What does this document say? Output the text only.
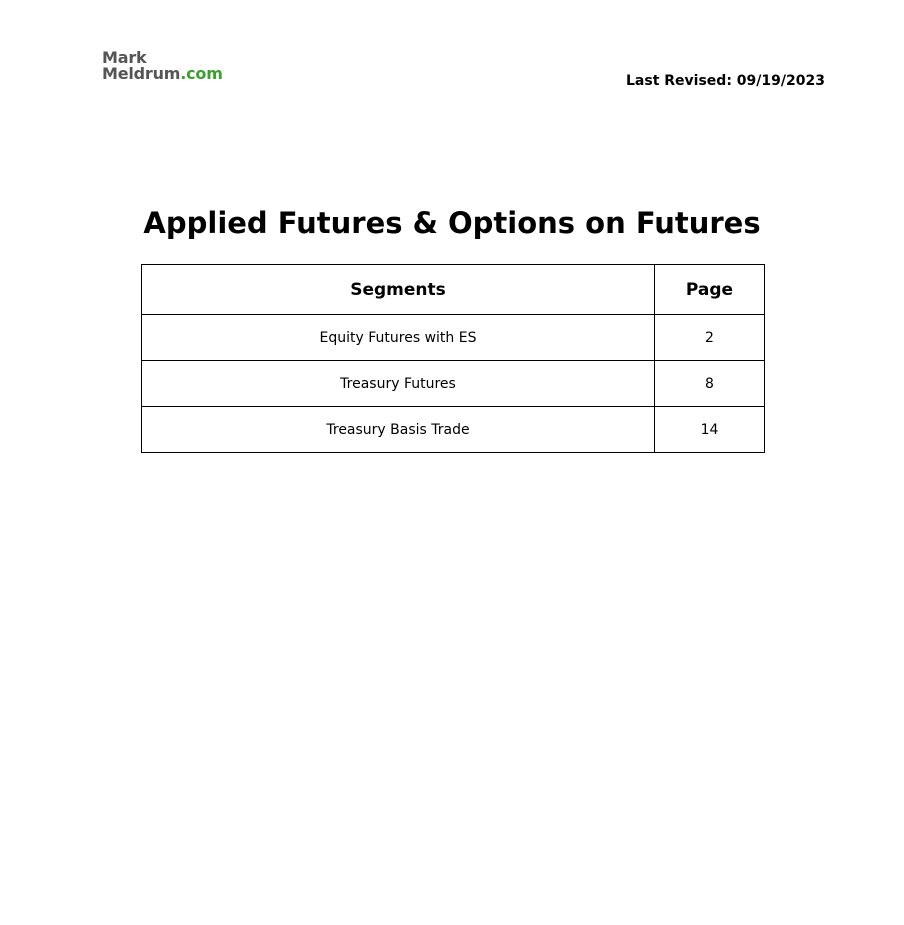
Mark
Meldrum.com	Last Revised: 09/19/2023
Applied Futures & Options on Futures
Segments	Page
Equity Futures with ES	2
Treasury Futures	8
Treasury Basis Trade	14
